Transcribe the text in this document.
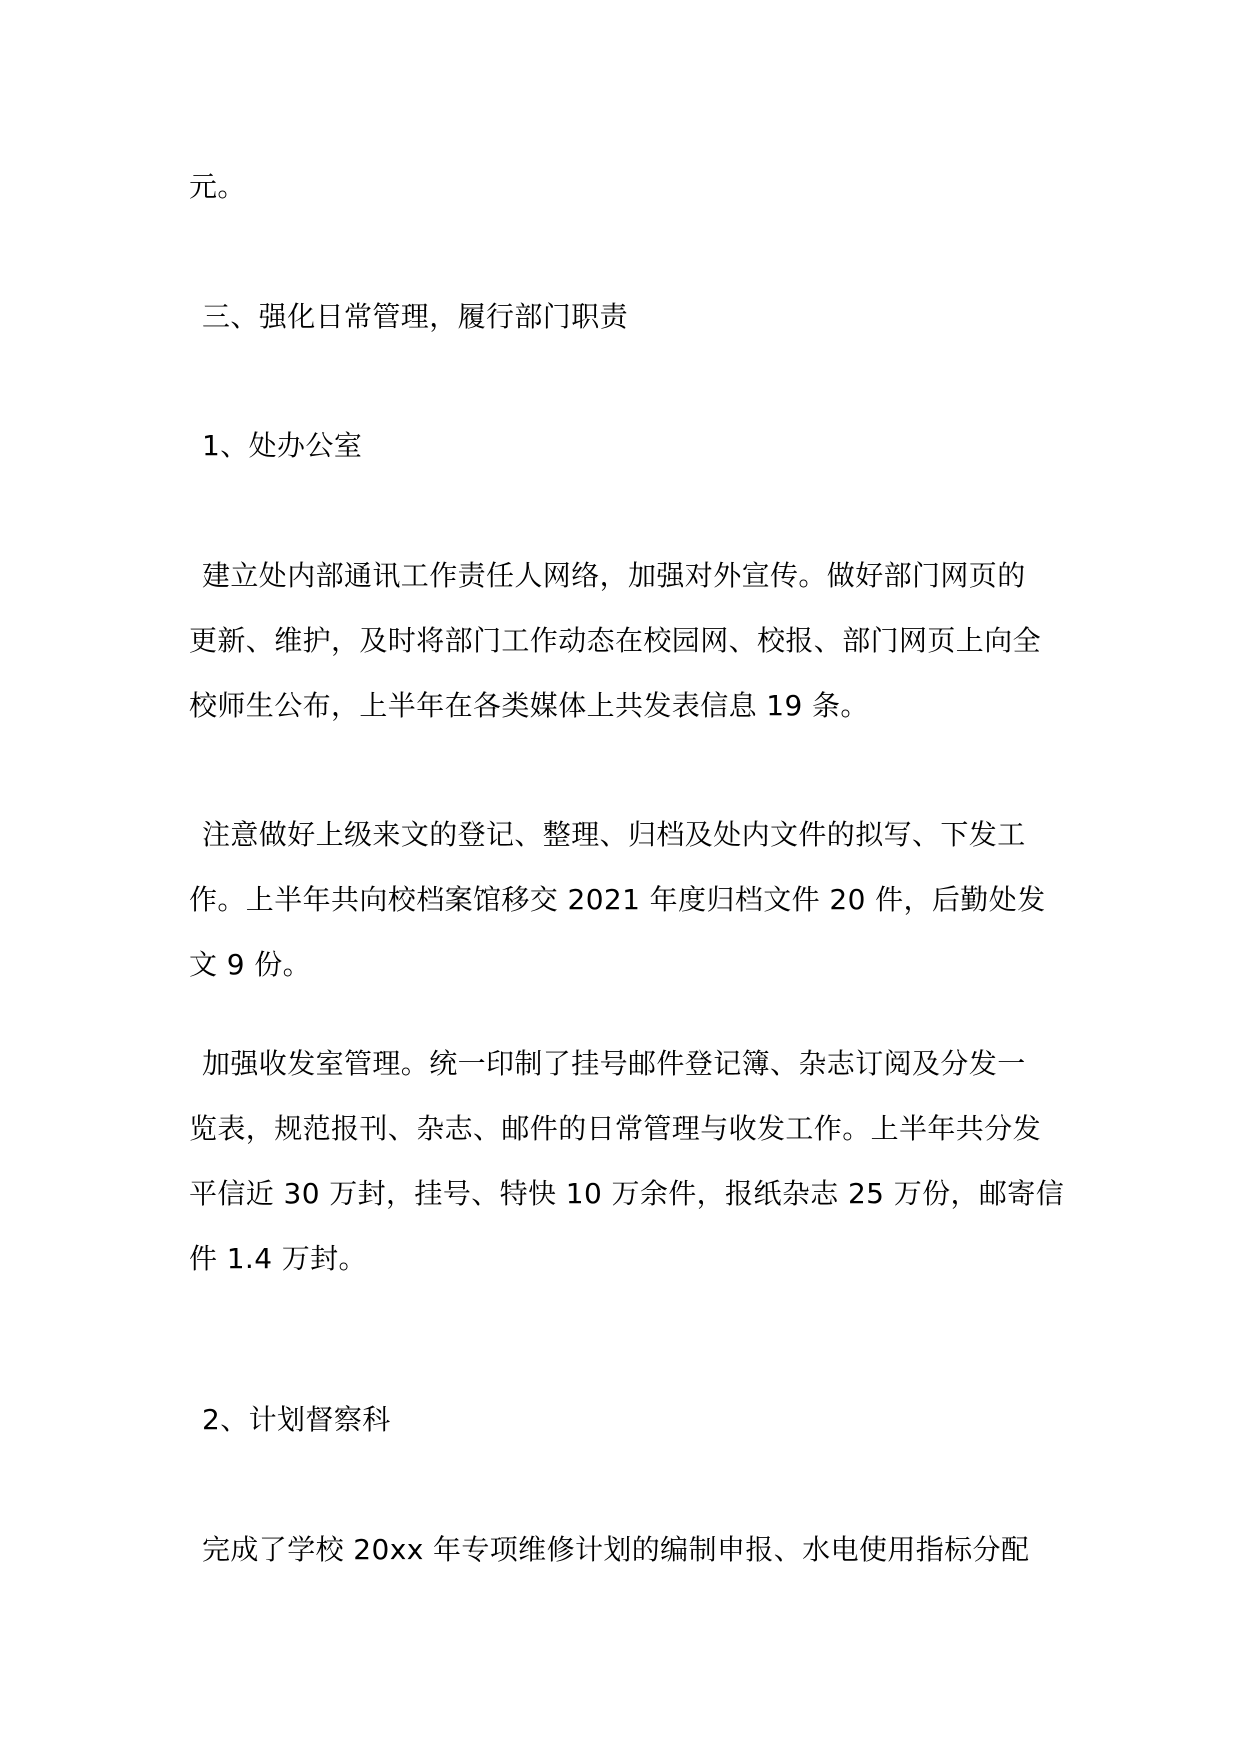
元。
三、强化日常管理，履行部门职责
1、处办公室
建立处内部通讯工作责任人网络，加强对外宣传。做好部门网页的
更新、维护，及时将部门工作动态在校园网、校报、部门网页上向全
校师生公布，上半年在各类媒体上共发表信息 19 条。
注意做好上级来文的登记、整理、归档及处内文件的拟写、下发工
作。上半年共向校档案馆移交 2021 年度归档文件 20 件，后勤处发
文 9 份。
加强收发室管理。统一印制了挂号邮件登记簿、杂志订阅及分发一
览表，规范报刊、杂志、邮件的日常管理与收发工作。上半年共分发
平信近 30 万封，挂号、特快 10 万余件，报纸杂志 25 万份，邮寄信
件 1.4 万封。
2、计划督察科
完成了学校 20xx 年专项维修计划的编制申报、水电使用指标分配
